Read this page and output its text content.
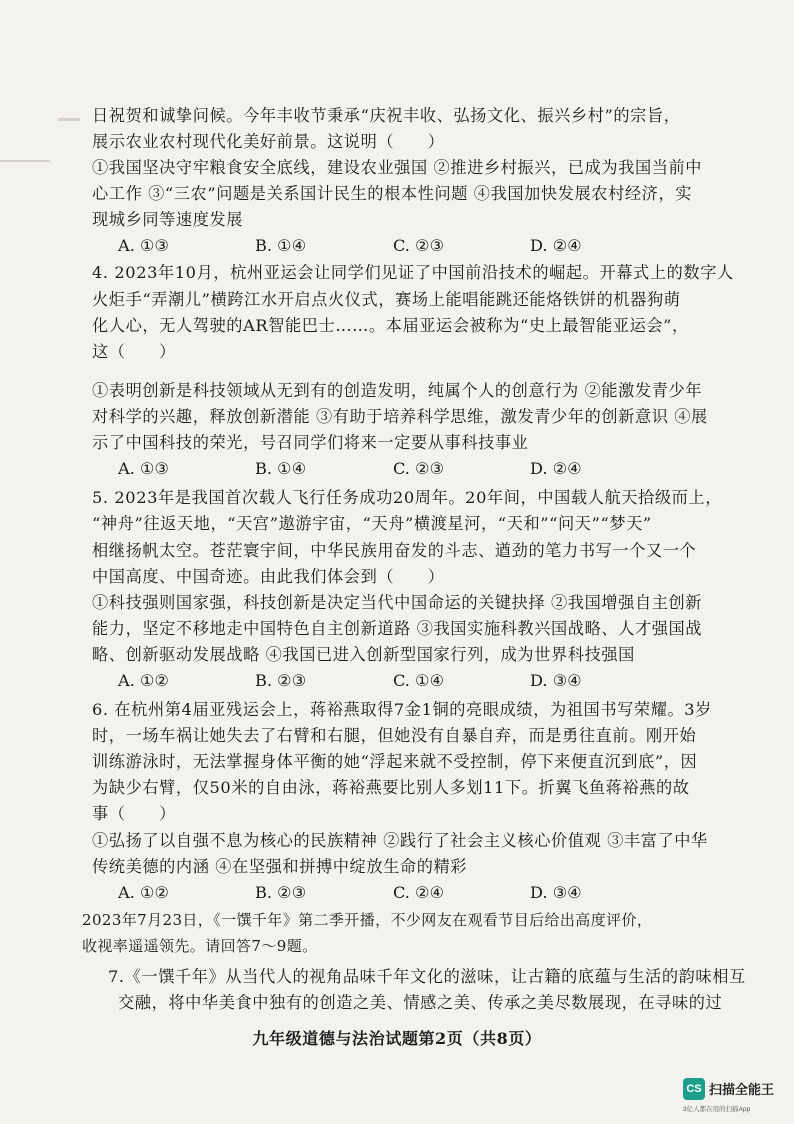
日祝贺和诚挚问候。今年丰收节秉承“庆祝丰收、弘扬文化、振兴乡村”的宗旨，
展示农业农村现代化美好前景。这说明（　　）
①我国坚决守牢粮食安全底线，建设农业强国 ②推进乡村振兴，已成为我国当前中
心工作 ③“三农”问题是关系国计民生的根本性问题 ④我国加快发展农村经济，实
现城乡同等速度发展
A. ①③	B. ①④	C. ②③	D. ②④
4. 2023年10月，杭州亚运会让同学们见证了中国前沿技术的崛起。开幕式上的数字人
火炬手“弄潮儿”横跨江水开启点火仪式，赛场上能唱能跳还能烙铁饼的机器狗萌
化人心，无人驾驶的AR智能巴士……。本届亚运会被称为“史上最智能亚运会”，
这（　　）
①表明创新是科技领域从无到有的创造发明，纯属个人的创意行为 ②能激发青少年
对科学的兴趣，释放创新潜能 ③有助于培养科学思维，激发青少年的创新意识 ④展
示了中国科技的荣光，号召同学们将来一定要从事科技事业
A. ①③	B. ①④	C. ②③	D. ②④
5. 2023年是我国首次载人飞行任务成功20周年。20年间，中国载人航天拾级而上，
“神舟”往返天地，“天宫”遨游宇宙，“天舟”横渡星河，“天和”“问天”“梦天”
相继扬帆太空。苍茫寰宇间，中华民族用奋发的斗志、遒劲的笔力书写一个又一个
中国高度、中国奇迹。由此我们体会到（　　）
①科技强则国家强，科技创新是决定当代中国命运的关键抉择 ②我国增强自主创新
能力，坚定不移地走中国特色自主创新道路 ③我国实施科教兴国战略、人才强国战
略、创新驱动发展战略 ④我国已进入创新型国家行列，成为世界科技强国
A. ①②	B. ②③	C. ①④	D. ③④
6. 在杭州第4届亚残运会上，蒋裕燕取得7金1铜的亮眼成绩，为祖国书写荣耀。3岁
时，一场车祸让她失去了右臂和右腿，但她没有自暴自弃，而是勇往直前。刚开始
训练游泳时，无法掌握身体平衡的她“浮起来就不受控制，停下来便直沉到底”，因
为缺少右臂，仅50米的自由泳，蒋裕燕要比别人多划11下。折翼飞鱼蒋裕燕的故
事（　　）
①弘扬了以自强不息为核心的民族精神 ②践行了社会主义核心价值观 ③丰富了中华
传统美德的内涵 ④在坚强和拼搏中绽放生命的精彩
A. ①②	B. ②③	C. ②④	D. ③④
2023年7月23日，《一馔千年》第二季开播，不少网友在观看节目后给出高度评价，
收视率遥遥领先。请回答7～9题。
7.《一馔千年》从当代人的视角品味千年文化的滋味，让古籍的底蕴与生活的韵味相互
交融，将中华美食中独有的创造之美、情感之美、传承之美尽数展现，在寻味的过
九年级道德与法治试题第2页（共8页）
CS 扫描全能王
3亿人都在用的扫描App
